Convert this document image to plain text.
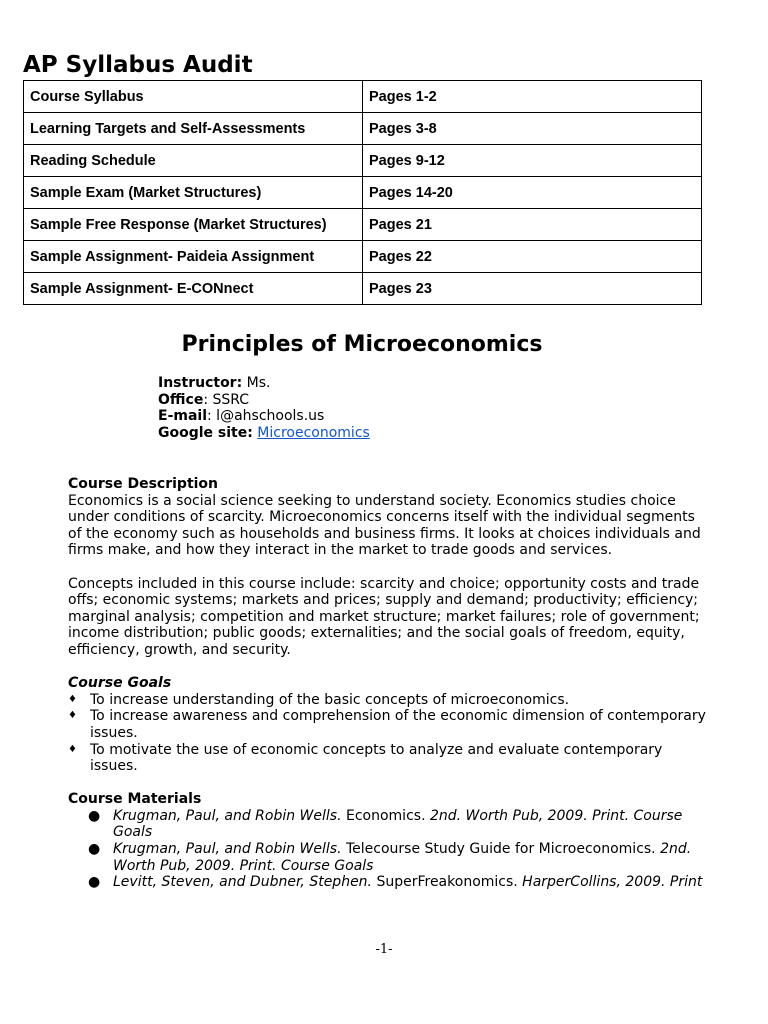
AP Syllabus Audit
Course Syllabus	Pages 1-2
Learning Targets and Self-Assessments	Pages 3-8
Reading Schedule	Pages 9-12
Sample Exam (Market Structures)	Pages 14-20
Sample Free Response (Market Structures)	Pages 21
Sample Assignment- Paideia Assignment	Pages 22
Sample Assignment- E-CONnect	Pages 23
Principles of Microeconomics
Instructor: Ms.
Office: SSRC
E-mail: l@ahschools.us
Google site: Microeconomics
Course Description

Economics is a social science seeking to understand society. Economics studies choice under conditions of scarcity. Microeconomics concerns itself with the individual segments of the economy such as households and business firms. It looks at choices individuals and firms make, and how they interact in the market to trade goods and services.

Concepts included in this course include: scarcity and choice; opportunity costs and trade offs; economic systems; markets and prices; supply and demand; productivity; efficiency; marginal analysis; competition and market structure; market failures; role of government; income distribution; public goods; externalities; and the social goals of freedom, equity, efficiency, growth, and security.

Course Goals
♦ To increase understanding of the basic concepts of microeconomics.
♦ To increase awareness and comprehension of the economic dimension of contemporary issues.
♦ To motivate the use of economic concepts to analyze and evaluate contemporary issues.
Course Materials
● Krugman, Paul, and Robin Wells. Economics. 2nd. Worth Pub, 2009. Print. Course Goals
● Krugman, Paul, and Robin Wells. Telecourse Study Guide for Microeconomics. 2nd. Worth Pub, 2009. Print. Course Goals
● Levitt, Steven, and Dubner, Stephen. SuperFreakonomics. HarperCollins, 2009. Print
-1-
